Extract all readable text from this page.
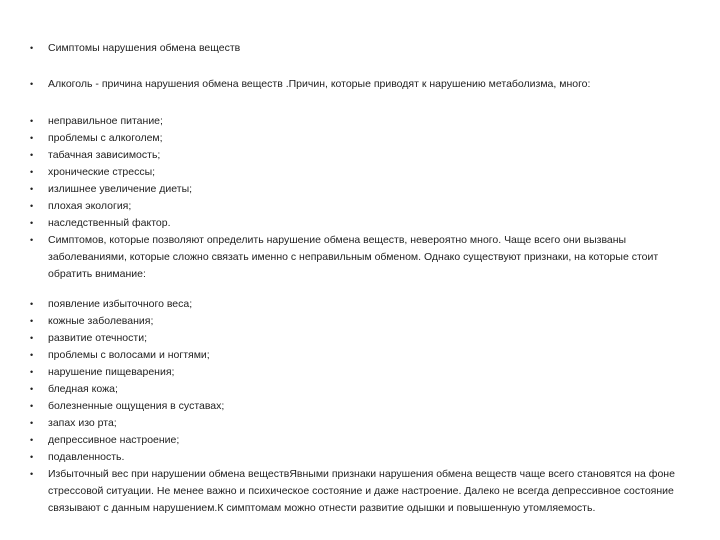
•	Симптомы нарушения обмена веществ
•	Алкоголь - причина нарушения обмена веществ .Причин, которые приводят к нарушению метаболизма, много:
•	неправильное питание;
•	проблемы с алкоголем;
•	табачная зависимость;
•	хронические стрессы;
•	излишнее увеличение диеты;
•	плохая экология;
•	наследственный фактор.
•	Симптомов, которые позволяют определить нарушение обмена веществ, невероятно много. Чаще всего они вызваны заболеваниями, которые сложно связать именно с неправильным обменом. Однако существуют признаки, на которые стоит обратить внимание:
•	появление избыточного веса;
•	кожные заболевания;
•	развитие отечности;
•	проблемы с волосами и ногтями;
•	нарушение пищеварения;
•	бледная кожа;
•	болезненные ощущения в суставах;
•	запах изо рта;
•	депрессивное настроение;
•	подавленность.
•	Избыточный вес при нарушении обмена веществЯвными признаки нарушения обмена веществ чаще всего становятся на фоне стрессовой ситуации. Не менее важно и психическое состояние и даже настроение. Далеко не всегда депрессивное состояние связывают с данным нарушением.К симптомам можно отнести развитие одышки и повышенную утомляемость.
